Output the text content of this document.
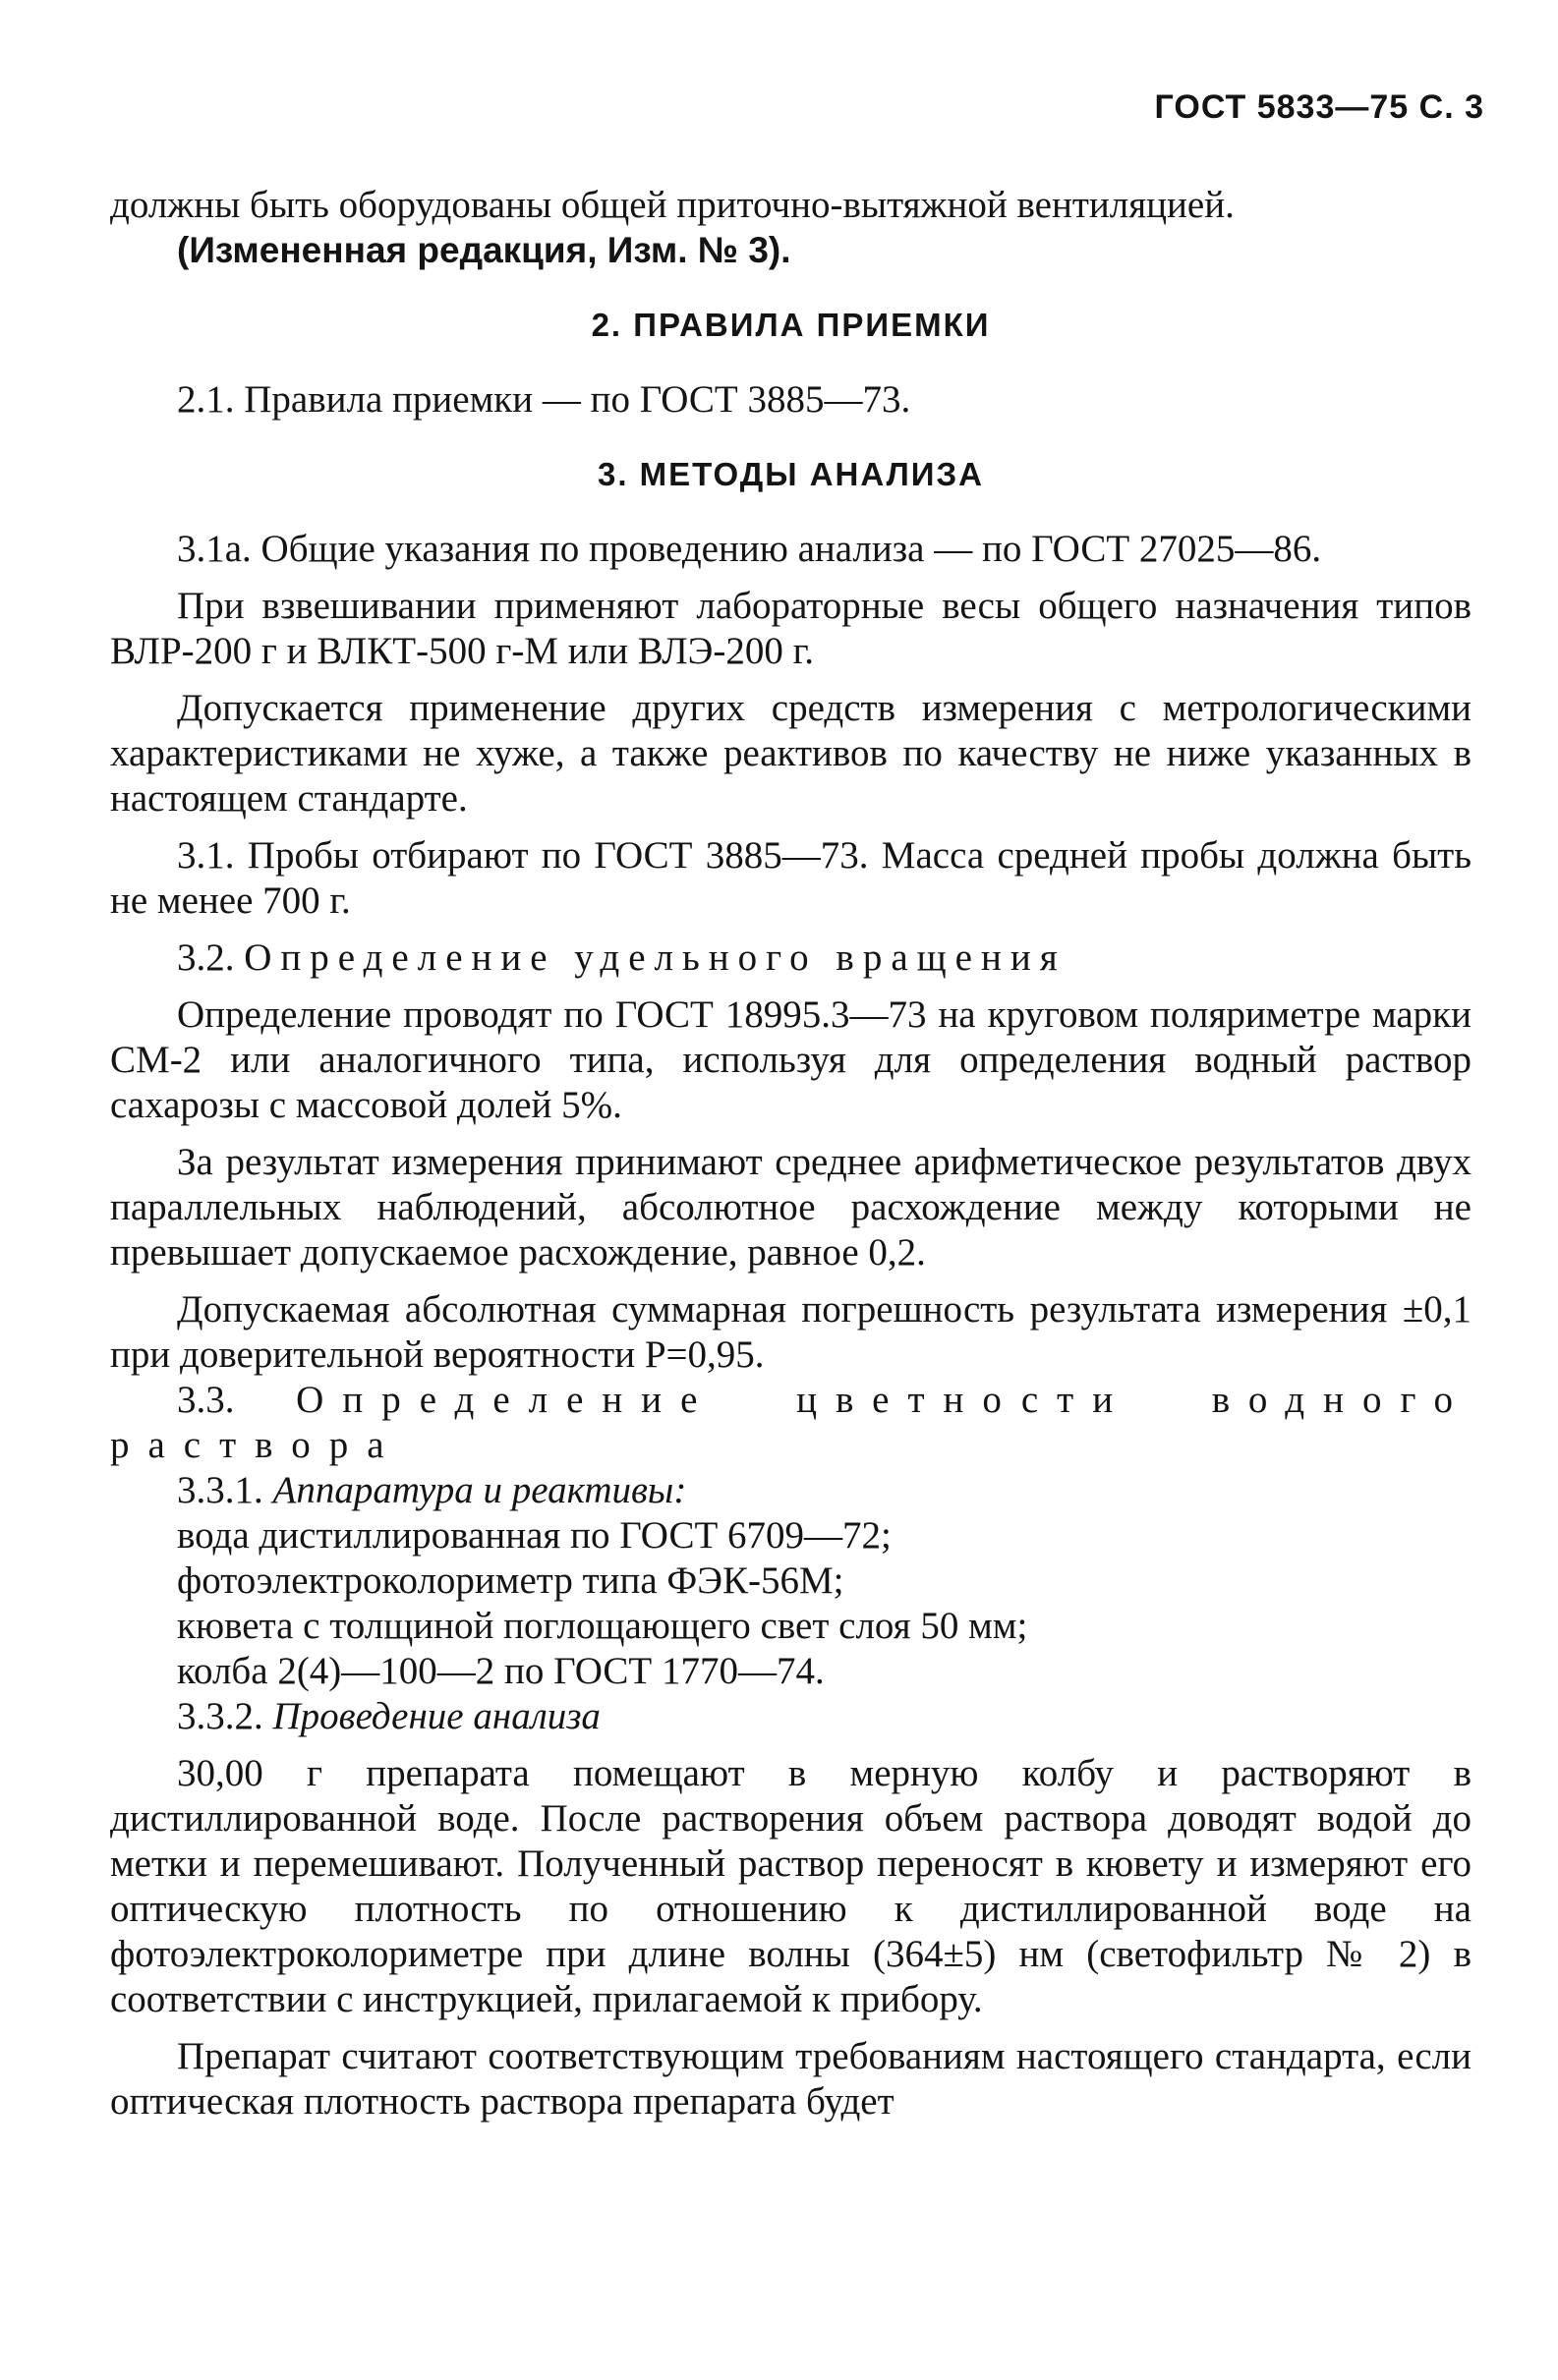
ГОСТ 5833—75 С. 3

должны быть оборудованы общей приточно-вытяжной вентиляцией.

(Измененная редакция, Изм. № 3).

2. ПРАВИЛА ПРИЕМКИ

2.1. Правила приемки — по ГОСТ 3885—73.

3. МЕТОДЫ АНАЛИЗА

3.1а. Общие указания по проведению анализа — по ГОСТ 27025—86.

При взвешивании применяют лабораторные весы общего назначения типов ВЛР-200 г и ВЛКТ-500 г-М или ВЛЭ-200 г.

Допускается применение других средств измерения с метрологическими характеристиками не хуже, а также реактивов по качеству не ниже указанных в настоящем стандарте.

3.1. Пробы отбирают по ГОСТ 3885—73. Масса средней пробы должна быть не менее 700 г.

3.2. Определение удельного вращения

Определение проводят по ГОСТ 18995.3—73 на круговом поляриметре марки СМ-2 или аналогичного типа, используя для определения водный раствор сахарозы с массовой долей 5%.

За результат измерения принимают среднее арифметическое результатов двух параллельных наблюдений, абсолютное расхождение между которыми не превышает допускаемое расхождение, равное 0,2.

Допускаемая абсолютная суммарная погрешность результата измерения ±0,1 при доверительной вероятности P=0,95.

3.3. Определение цветности водного раствора

3.3.1. Аппаратура и реактивы:

вода дистиллированная по ГОСТ 6709—72;

фотоэлектроколориметр типа ФЭК-56М;

кювета с толщиной поглощающего свет слоя 50 мм;

колба 2(4)—100—2 по ГОСТ 1770—74.

3.3.2. Проведение анализа

30,00 г препарата помещают в мерную колбу и растворяют в дистиллированной воде. После растворения объем раствора доводят водой до метки и перемешивают. Полученный раствор переносят в кювету и измеряют его оптическую плотность по отношению к дистиллированной воде на фотоэлектроколориметре при длине волны (364±5) нм (светофильтр № 2) в соответствии с инструкцией, прилагаемой к прибору.

Препарат считают соответствующим требованиям настоящего стандарта, если оптическая плотность раствора препарата будет
